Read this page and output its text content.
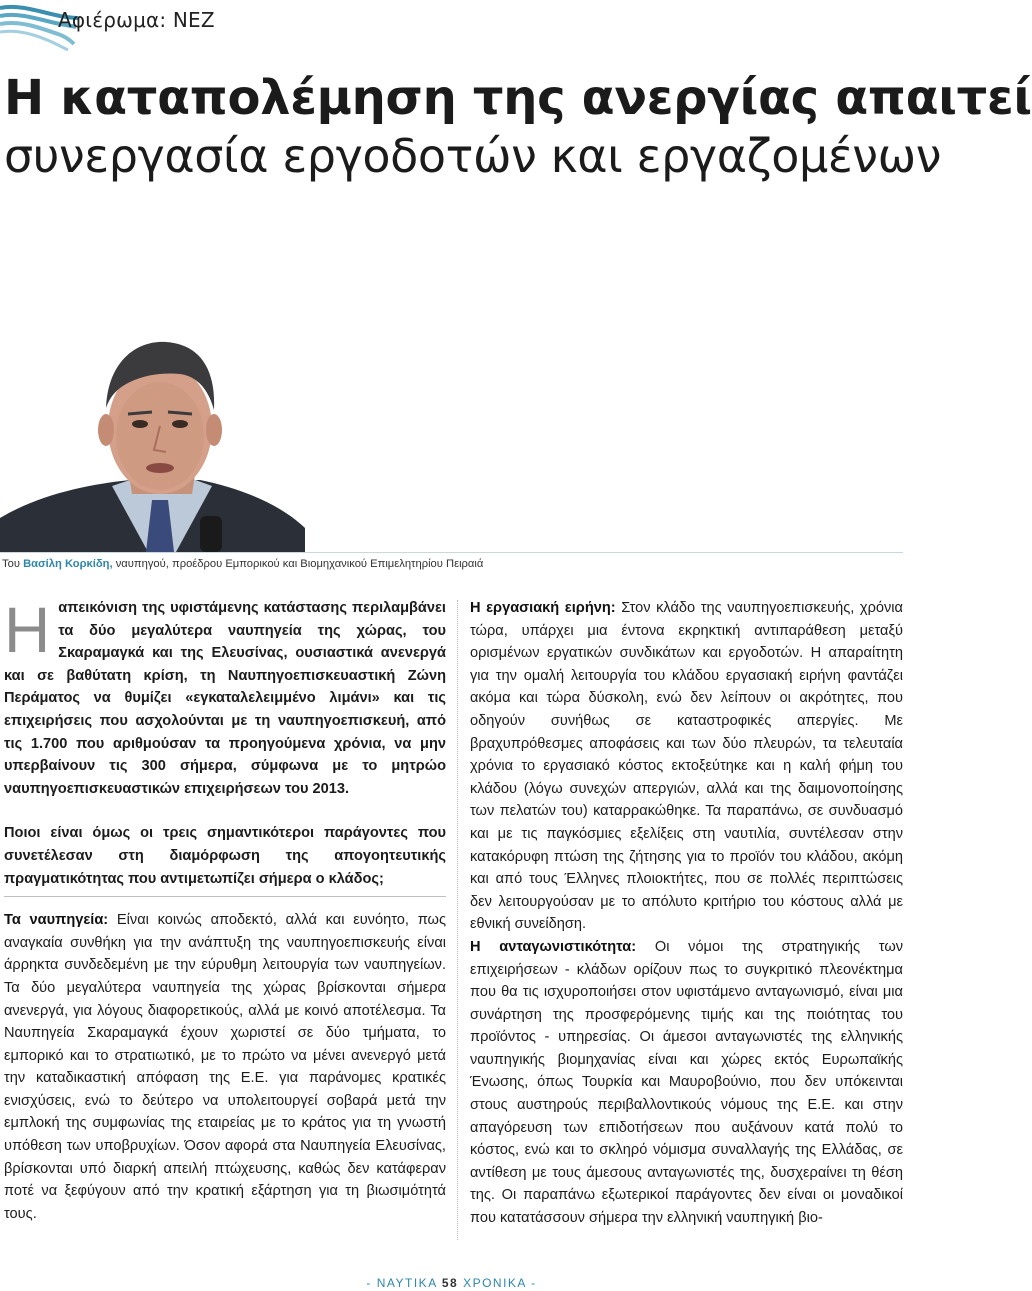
Αφιέρωμα: ΝΕΖ
Η καταπολέμηση της ανεργίας απαιτεί
συνεργασία εργοδοτών και εργαζομένων
Του Βασίλη Κορκίδη, ναυπηγού, προέδρου Εμπορικού και Βιομηχανικού Επιμελητηρίου Πειραιά
Η απεικόνιση της υφιστάμενης κατάστασης περιλαμβάνει τα δύο μεγαλύτερα ναυπηγεία της χώρας, του Σκαραμαγκά και της Ελευσίνας, ουσιαστικά ανενεργά και σε βαθύτατη κρίση, τη Ναυπηγοεπισκευαστική Ζώνη Περάματος να θυμίζει «εγκαταλελειμμένο λιμάνι» και τις επιχειρήσεις που ασχολούνται με τη ναυπηγοεπισκευή, από τις 1.700 που αριθμούσαν τα προηγούμενα χρόνια, να μην υπερβαίνουν τις 300 σήμερα, σύμφωνα με το μητρώο ναυπηγοεπισκευαστικών επιχειρήσεων του 2013.

Ποιοι είναι όμως οι τρεις σημαντικότεροι παράγοντες που συνετέλεσαν στη διαμόρφωση της απογοητευτικής πραγματικότητας που αντιμετωπίζει σήμερα ο κλάδος;

Τα ναυπηγεία: Είναι κοινώς αποδεκτό, αλλά και ευνόητο, πως αναγκαία συνθήκη για την ανάπτυξη της ναυπηγοεπισκευής είναι άρρηκτα συνδεδεμένη με την εύρυθμη λειτουργία των ναυπηγείων. Τα δύο μεγαλύτερα ναυπηγεία της χώρας βρίσκονται σήμερα ανενεργά, για λόγους διαφορετικούς, αλλά με κοινό αποτέλεσμα. Τα Ναυπηγεία Σκαραμαγκά έχουν χωριστεί σε δύο τμήματα, το εμπορικό και το στρατιωτικό, με το πρώτο να μένει ανενεργό μετά την καταδικαστική απόφαση της Ε.Ε. για παράνομες κρατικές ενισχύσεις, ενώ το δεύτερο να υπολειτουργεί σοβαρά μετά την εμπλοκή της συμφωνίας της εταιρείας με το κράτος για τη γνωστή υπόθεση των υποβρυχίων. Όσον αφορά στα Ναυπηγεία Ελευσίνας, βρίσκονται υπό διαρκή απειλή πτώχευσης, καθώς δεν κατάφεραν ποτέ να ξεφύγουν από την κρατική εξάρτηση για τη βιωσιμότητά τους.

Η εργασιακή ειρήνη: Στον κλάδο της ναυπηγοεπισκευής, χρόνια τώρα, υπάρχει μια έντονα εκρηκτική αντιπαράθεση μεταξύ ορισμένων εργατικών συνδικάτων και εργοδοτών. Η απαραίτητη για την ομαλή λειτουργία του κλάδου εργασιακή ειρήνη φαντάζει ακόμα και τώρα δύσκολη, ενώ δεν λείπουν οι ακρότητες, που οδηγούν συνήθως σε καταστροφικές απεργίες. Με βραχυπρόθεσμες αποφάσεις και των δύο πλευρών, τα τελευταία χρόνια το εργασιακό κόστος εκτοξεύτηκε και η καλή φήμη του κλάδου (λόγω συνεχών απεργιών, αλλά και της δαιμονοποίησης των πελατών του) καταρρακώθηκε. Τα παραπάνω, σε συνδυασμό και με τις παγκόσμιες εξελίξεις στη ναυτιλία, συντέλεσαν στην κατακόρυφη πτώση της ζήτησης για το προϊόν του κλάδου, ακόμη και από τους Έλληνες πλοιοκτήτες, που σε πολλές περιπτώσεις δεν λειτουργούσαν με το απόλυτο κριτήριο του κόστους αλλά με εθνική συνείδηση.

Η ανταγωνιστικότητα: Οι νόμοι της στρατηγικής των επιχειρήσεων - κλάδων ορίζουν πως το συγκριτικό πλεονέκτημα που θα τις ισχυροποιήσει στον υφιστάμενο ανταγωνισμό, είναι μια συνάρτηση της προσφερόμενης τιμής και της ποιότητας του προϊόντος - υπηρεσίας. Οι άμεσοι ανταγωνιστές της ελληνικής ναυπηγικής βιομηχανίας είναι και χώρες εκτός Ευρωπαϊκής Ένωσης, όπως Τουρκία και Μαυροβούνιο, που δεν υπόκεινται στους αυστηρούς περιβαλλοντικούς νόμους της Ε.Ε. και στην απαγόρευση των επιδοτήσεων που αυξάνουν κατά πολύ το κόστος, ενώ και το σκληρό νόμισμα συναλλαγής της Ελλάδας, σε αντίθεση με τους άμεσους ανταγωνιστές της, δυσχεραίνει τη θέση της. Οι παραπάνω εξωτερικοί παράγοντες δεν είναι οι μοναδικοί που κατατάσσουν σήμερα την ελληνική ναυπηγική βιο-

- ΝΑΥΤΙΚΑ 58 ΧΡΟΝΙΚΑ -
